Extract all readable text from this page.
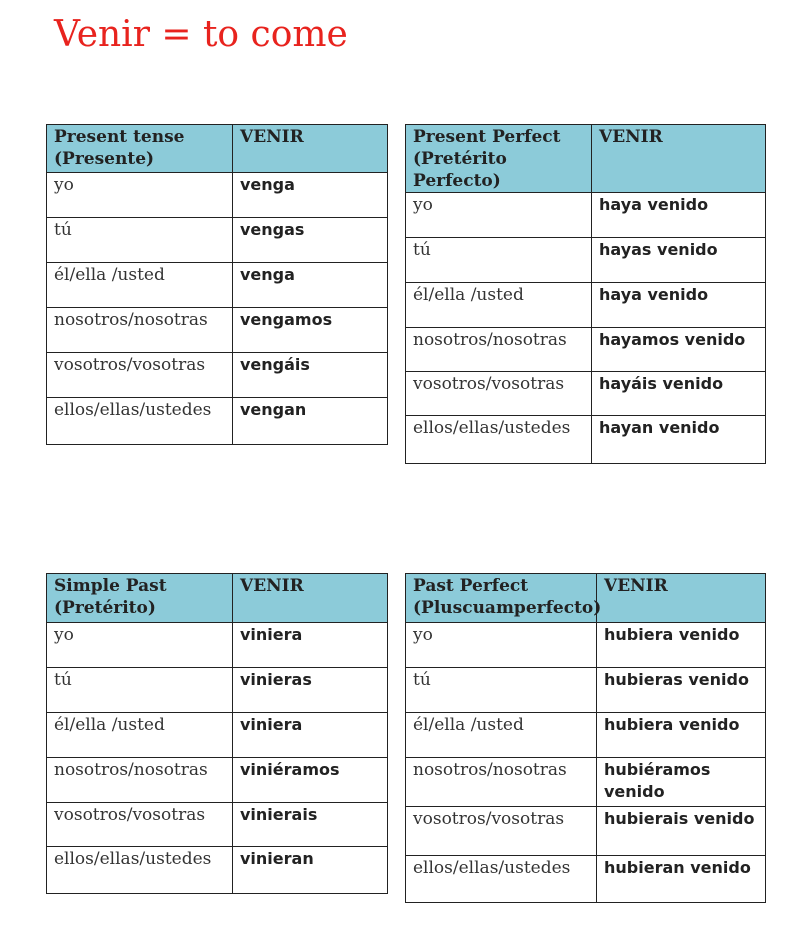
Venir = to come
Present tense
(Presente)	VENIR
yo	venga
tú	vengas
él/ella /usted	venga
nosotros/nosotras	vengamos
vosotros/vosotras	vengáis
ellos/ellas/ustedes	vengan
Present Perfect
(Pretérito Perfecto)	VENIR
yo	haya venido
tú	hayas venido
él/ella /usted	haya venido
nosotros/nosotras	hayamos venido
vosotros/vosotras	hayáis venido
ellos/ellas/ustedes	hayan venido
Simple Past
(Pretérito)	VENIR
yo	viniera
tú	vinieras
él/ella /usted	viniera
nosotros/nosotras	viniéramos
vosotros/vosotras	vinierais
ellos/ellas/ustedes	vinieran
Past Perfect
(Pluscuamperfecto)	VENIR
yo	hubiera venido
tú	hubieras venido
él/ella /usted	hubiera venido
nosotros/nosotras	hubiéramos venido
vosotros/vosotras	hubierais venido
ellos/ellas/ustedes	hubieran venido
